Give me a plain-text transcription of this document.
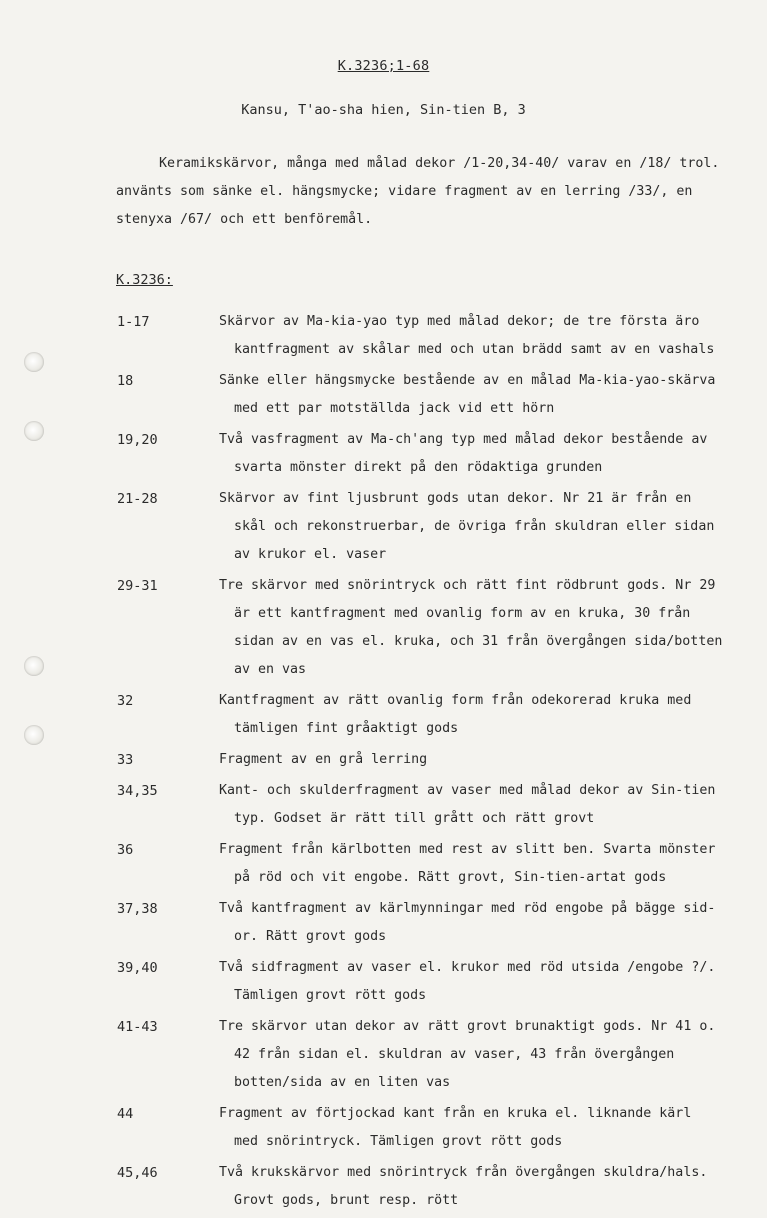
K.3236;1-68
Kansu, T'ao-sha hien, Sin-tien B, 3
Keramikskärvor, många med målad dekor /1-20,34-40/ varav en /18/ trol.
använts som sänke el. hängsmycke; vidare fragment av en lerring /33/, en
stenyxa /67/ och ett benföremål.
K.3236:
1-17	Skärvor av Ma-kia-yao typ med målad dekor; de tre första äro
kantfragment av skålar med och utan brädd samt av en vashals
18	Sänke eller hängsmycke bestående av en målad Ma-kia-yao-skärva
med ett par motställda jack vid ett hörn
19,20	Två vasfragment av Ma-ch'ang typ med målad dekor bestående av
svarta mönster direkt på den rödaktiga grunden
21-28	Skärvor av fint ljusbrunt gods utan dekor. Nr 21 är från en
skål och rekonstruerbar, de övriga från skuldran eller sidan
av krukor el. vaser
29-31	Tre skärvor med snörintryck och rätt fint rödbrunt gods. Nr 29
är ett kantfragment med ovanlig form av en kruka, 30 från
sidan av en vas el. kruka, och 31 från övergången sida/botten
av en vas
32	Kantfragment av rätt ovanlig form från odekorerad kruka med
tämligen fint gråaktigt gods
33	Fragment av en grå lerring
34,35	Kant- och skulderfragment av vaser med målad dekor av Sin-tien
typ. Godset är rätt till grått och rätt grovt
36	Fragment från kärlbotten med rest av slitt ben. Svarta mönster
på röd och vit engobe. Rätt grovt, Sin-tien-artat gods
37,38	Två kantfragment av kärlmynningar med röd engobe på bägge sid-
or. Rätt grovt gods
39,40	Två sidfragment av vaser el. krukor med röd utsida /engobe ?/.
Tämligen grovt rött gods
41-43	Tre skärvor utan dekor av rätt grovt brunaktigt gods. Nr 41 o.
42 från sidan el. skuldran av vaser, 43 från övergången
botten/sida av en liten vas
44	Fragment av förtjockad kant från en kruka el. liknande kärl
med snörintryck. Tämligen grovt rött gods
45,46	Två krukskärvor med snörintryck från övergången skuldra/hals.
Grovt gods, brunt resp. rött
